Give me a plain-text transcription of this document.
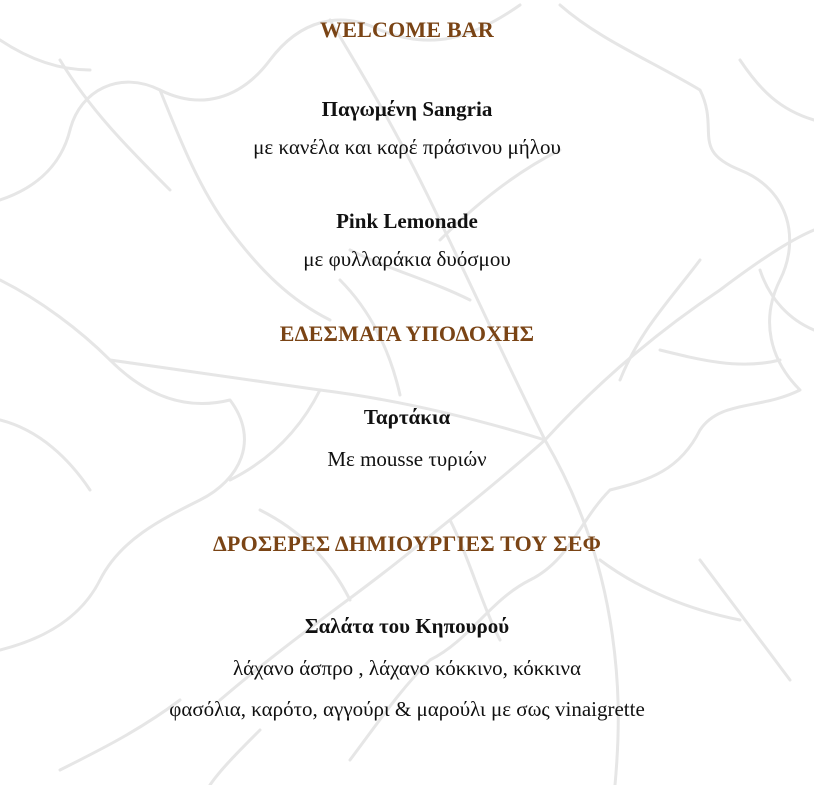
WELCOME BAR
Παγωμένη Sangria
με κανέλα και καρέ πράσινου μήλου
Pink Lemonade
με φυλλαράκια δυόσμου
ΕΔΕΣΜΑΤΑ ΥΠΟΔΟΧΗΣ
Ταρτάκια
Με mousse τυριών
ΔΡΟΣΕΡΕΣ ΔΗΜΙΟΥΡΓΙΕΣ ΤΟΥ ΣΕΦ
Σαλάτα του Κηπουρού
λάχανο άσπρο , λάχανο κόκκινο, κόκκινα
φασόλια, καρότο, αγγούρι & μαρούλι με σως vinaigrette
